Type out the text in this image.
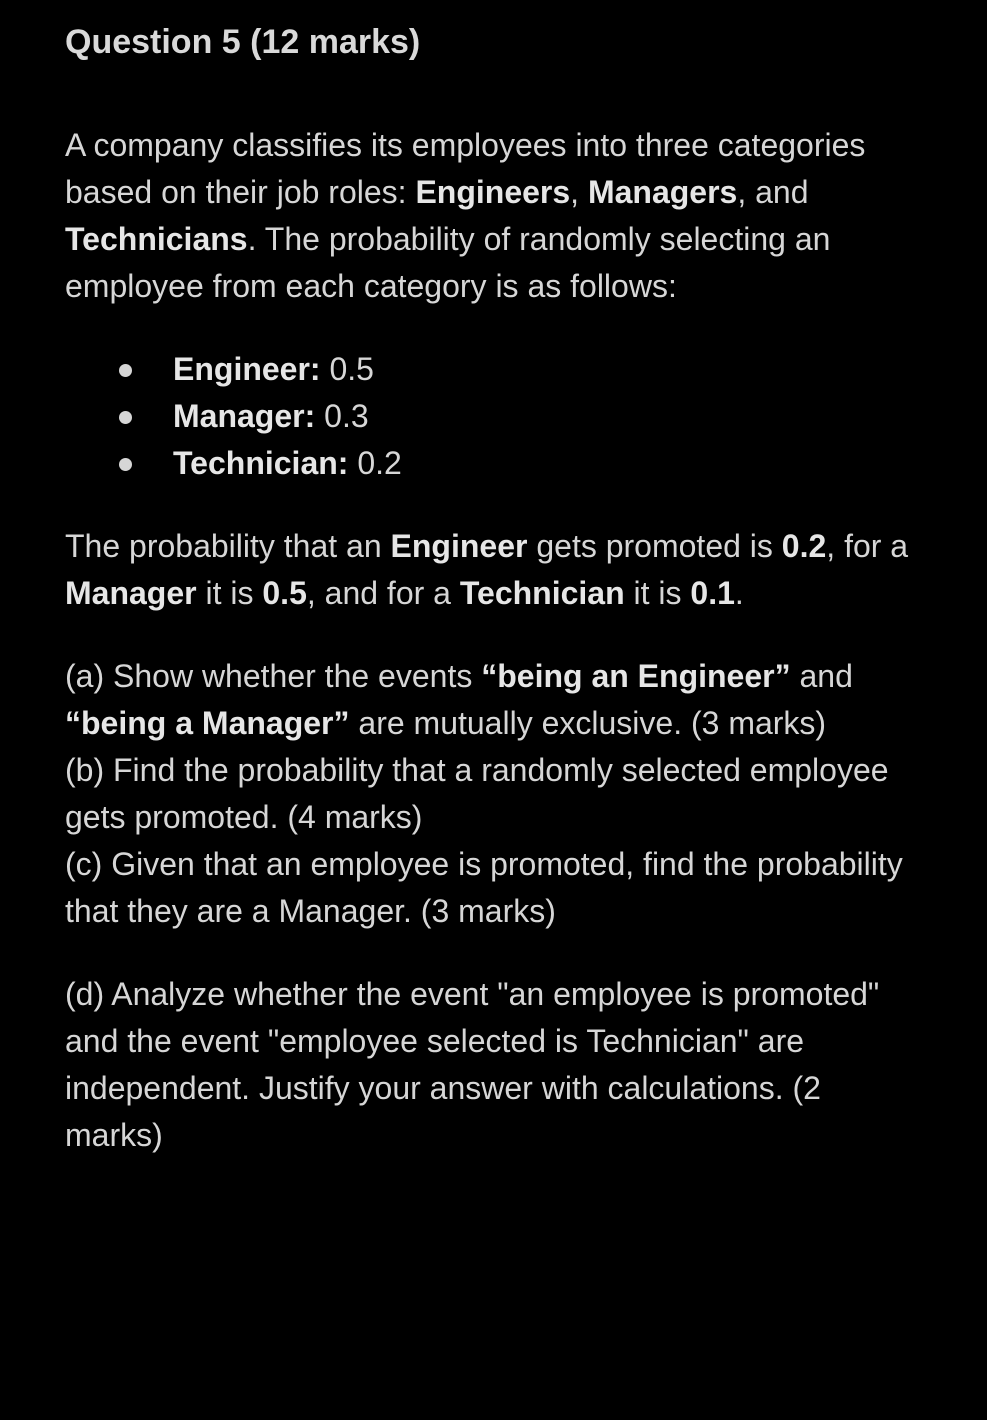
Question 5 (12 marks)

A company classifies its employees into three categories based on their job roles: Engineers, Managers, and Technicians. The probability of randomly selecting an employee from each category is as follows:

Engineer: 0.5
Manager: 0.3
Technician: 0.2

The probability that an Engineer gets promoted is 0.2, for a Manager it is 0.5, and for a Technician it is 0.1.

(a) Show whether the events “being an Engineer” and “being a Manager” are mutually exclusive. (3 marks)

(b) Find the probability that a randomly selected employee gets promoted. (4 marks)

(c) Given that an employee is promoted, find the probability that they are a Manager. (3 marks)

(d) Analyze whether the event "an employee is promoted" and the event "employee selected is Technician" are independent. Justify your answer with calculations. (2 marks)
